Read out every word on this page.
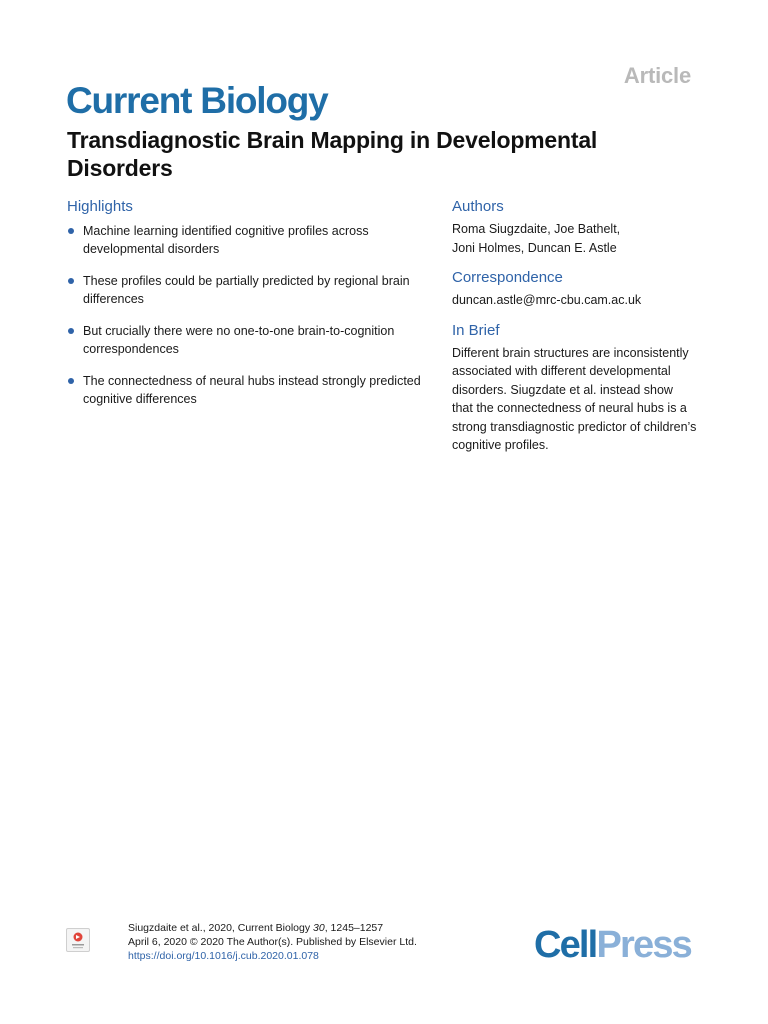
Article
Current Biology
Transdiagnostic Brain Mapping in Developmental Disorders
Highlights
Machine learning identified cognitive profiles across developmental disorders
These profiles could be partially predicted by regional brain differences
But crucially there were no one-to-one brain-to-cognition correspondences
The connectedness of neural hubs instead strongly predicted cognitive differences
Authors
Roma Siugzdaite, Joe Bathelt, Joni Holmes, Duncan E. Astle
Correspondence
duncan.astle@mrc-cbu.cam.ac.uk
In Brief
Different brain structures are inconsistently associated with different developmental disorders. Siugzdate et al. instead show that the connectedness of neural hubs is a strong transdiagnostic predictor of children’s cognitive profiles.
Siugzdaite et al., 2020, Current Biology 30, 1245–1257
April 6, 2020 © 2020 The Author(s). Published by Elsevier Ltd.
https://doi.org/10.1016/j.cub.2020.01.078	CellPress
